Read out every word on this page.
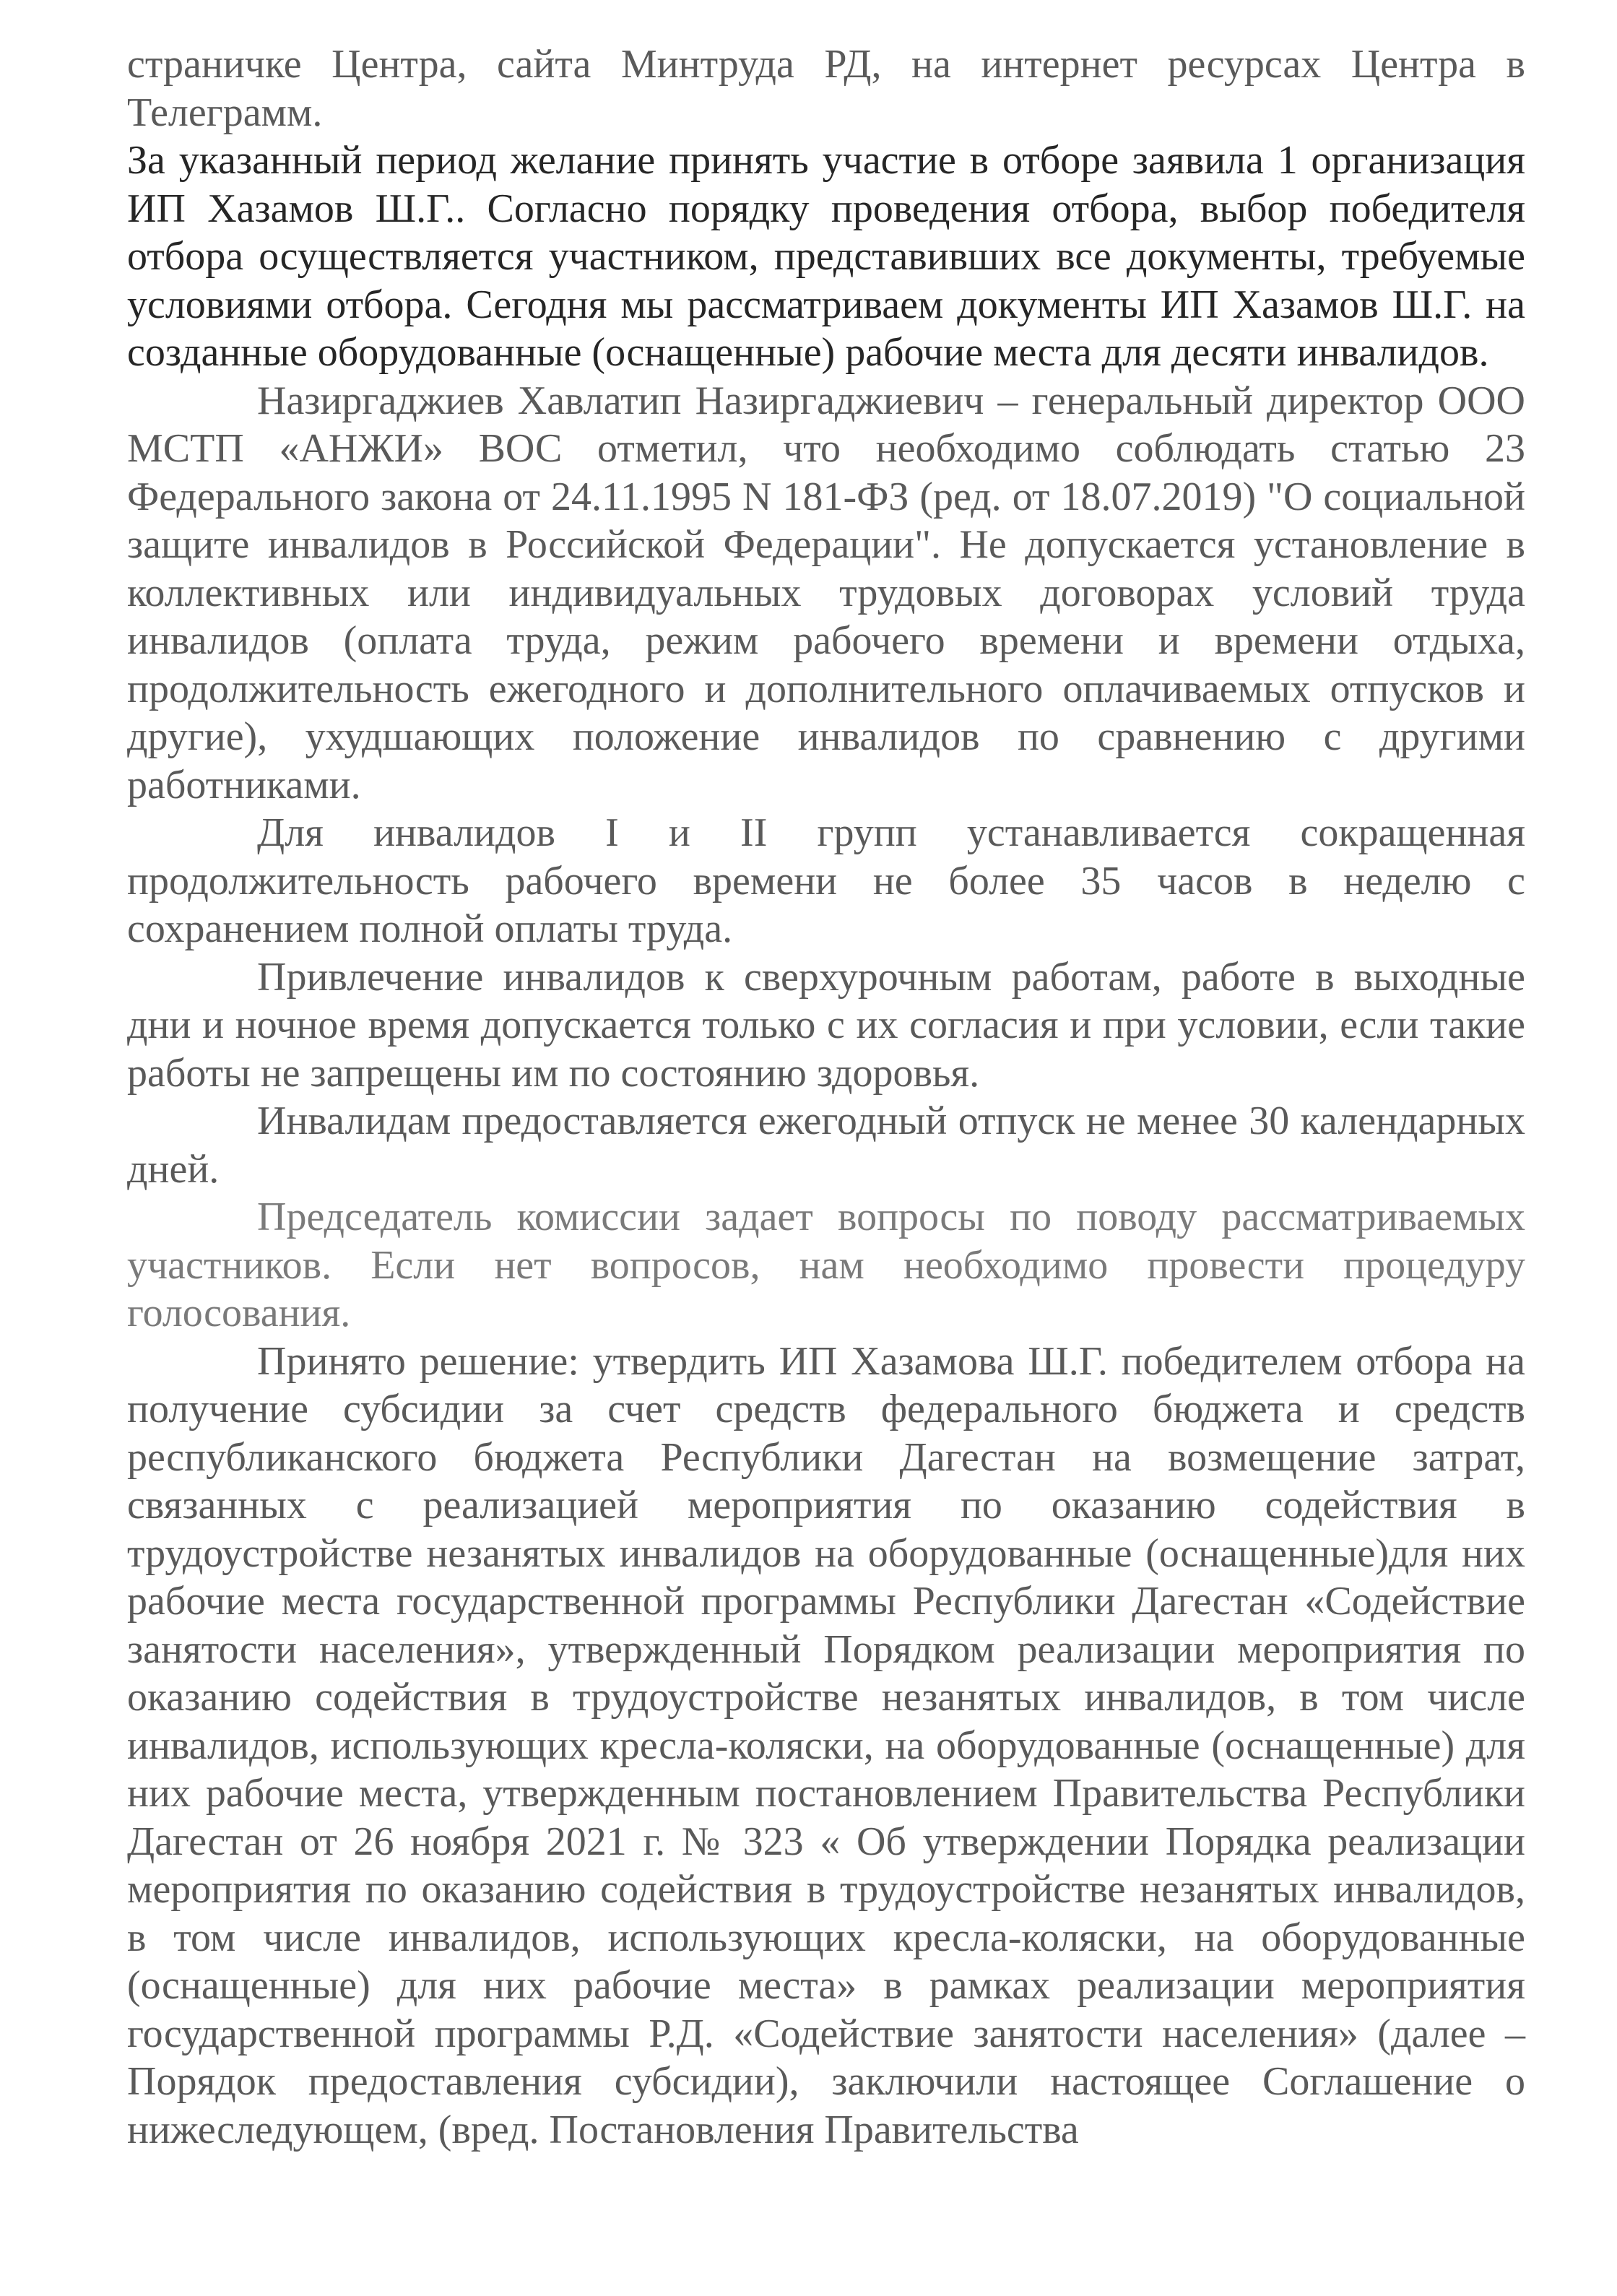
страничке Центра, сайта Минтруда РД, на интернет ресурсах Центра в Телеграмм.

За указанный период желание принять участие в отборе заявила 1 организация ИП Хазамов Ш.Г.. Согласно порядку проведения отбора, выбор победителя отбора осуществляется участником, представивших все документы, требуемые условиями отбора. Сегодня мы рассматриваем документы ИП Хазамов Ш.Г. на созданные оборудованные (оснащенные) рабочие места для десяти инвалидов.

Назиргаджиев Хавлатип Назиргаджиевич – генеральный директор ООО МСТП «АНЖИ» ВОС отметил, что необходимо соблюдать статью 23 Федерального закона от 24.11.1995 N 181-ФЗ (ред. от 18.07.2019) "О социальной защите инвалидов в Российской Федерации". Не допускается установление в коллективных или индивидуальных трудовых договорах условий труда инвалидов (оплата труда, режим рабочего времени и времени отдыха, продолжительность ежегодного и дополнительного оплачиваемых отпусков и другие), ухудшающих положение инвалидов по сравнению с другими работниками.

Для инвалидов I и II групп устанавливается сокращенная продолжительность рабочего времени не более 35 часов в неделю с сохранением полной оплаты труда.

Привлечение инвалидов к сверхурочным работам, работе в выходные дни и ночное время допускается только с их согласия и при условии, если такие работы не запрещены им по состоянию здоровья.

Инвалидам предоставляется ежегодный отпуск не менее 30 календарных дней.

Председатель комиссии задает вопросы по поводу рассматриваемых участников. Если нет вопросов, нам необходимо провести процедуру голосования.

Принято решение: утвердить ИП Хазамова Ш.Г. победителем отбора на получение субсидии за счет средств федерального бюджета и средств республиканского бюджета Республики Дагестан на возмещение затрат, связанных с реализацией мероприятия по оказанию содействия в трудоустройстве незанятых инвалидов на оборудованные (оснащенные)для них рабочие места государственной программы Республики Дагестан «Содействие занятости населения», утвержденный Порядком реализации мероприятия по оказанию содействия в трудоустройстве незанятых инвалидов, в том числе инвалидов, использующих кресла-коляски, на оборудованные (оснащенные) для них рабочие места, утвержденным постановлением Правительства Республики Дагестан от 26 ноября 2021 г. № 323 « Об утверждении Порядка реализации мероприятия по оказанию содействия в трудоустройстве незанятых инвалидов, в том числе инвалидов, использующих кресла-коляски, на оборудованные (оснащенные) для них рабочие места» в рамках реализации мероприятия государственной программы Р.Д. «Содействие занятости населения» (далее – Порядок предоставления субсидии), заключили настоящее Соглашение о нижеследующем, (вред. Постановления Правительства
